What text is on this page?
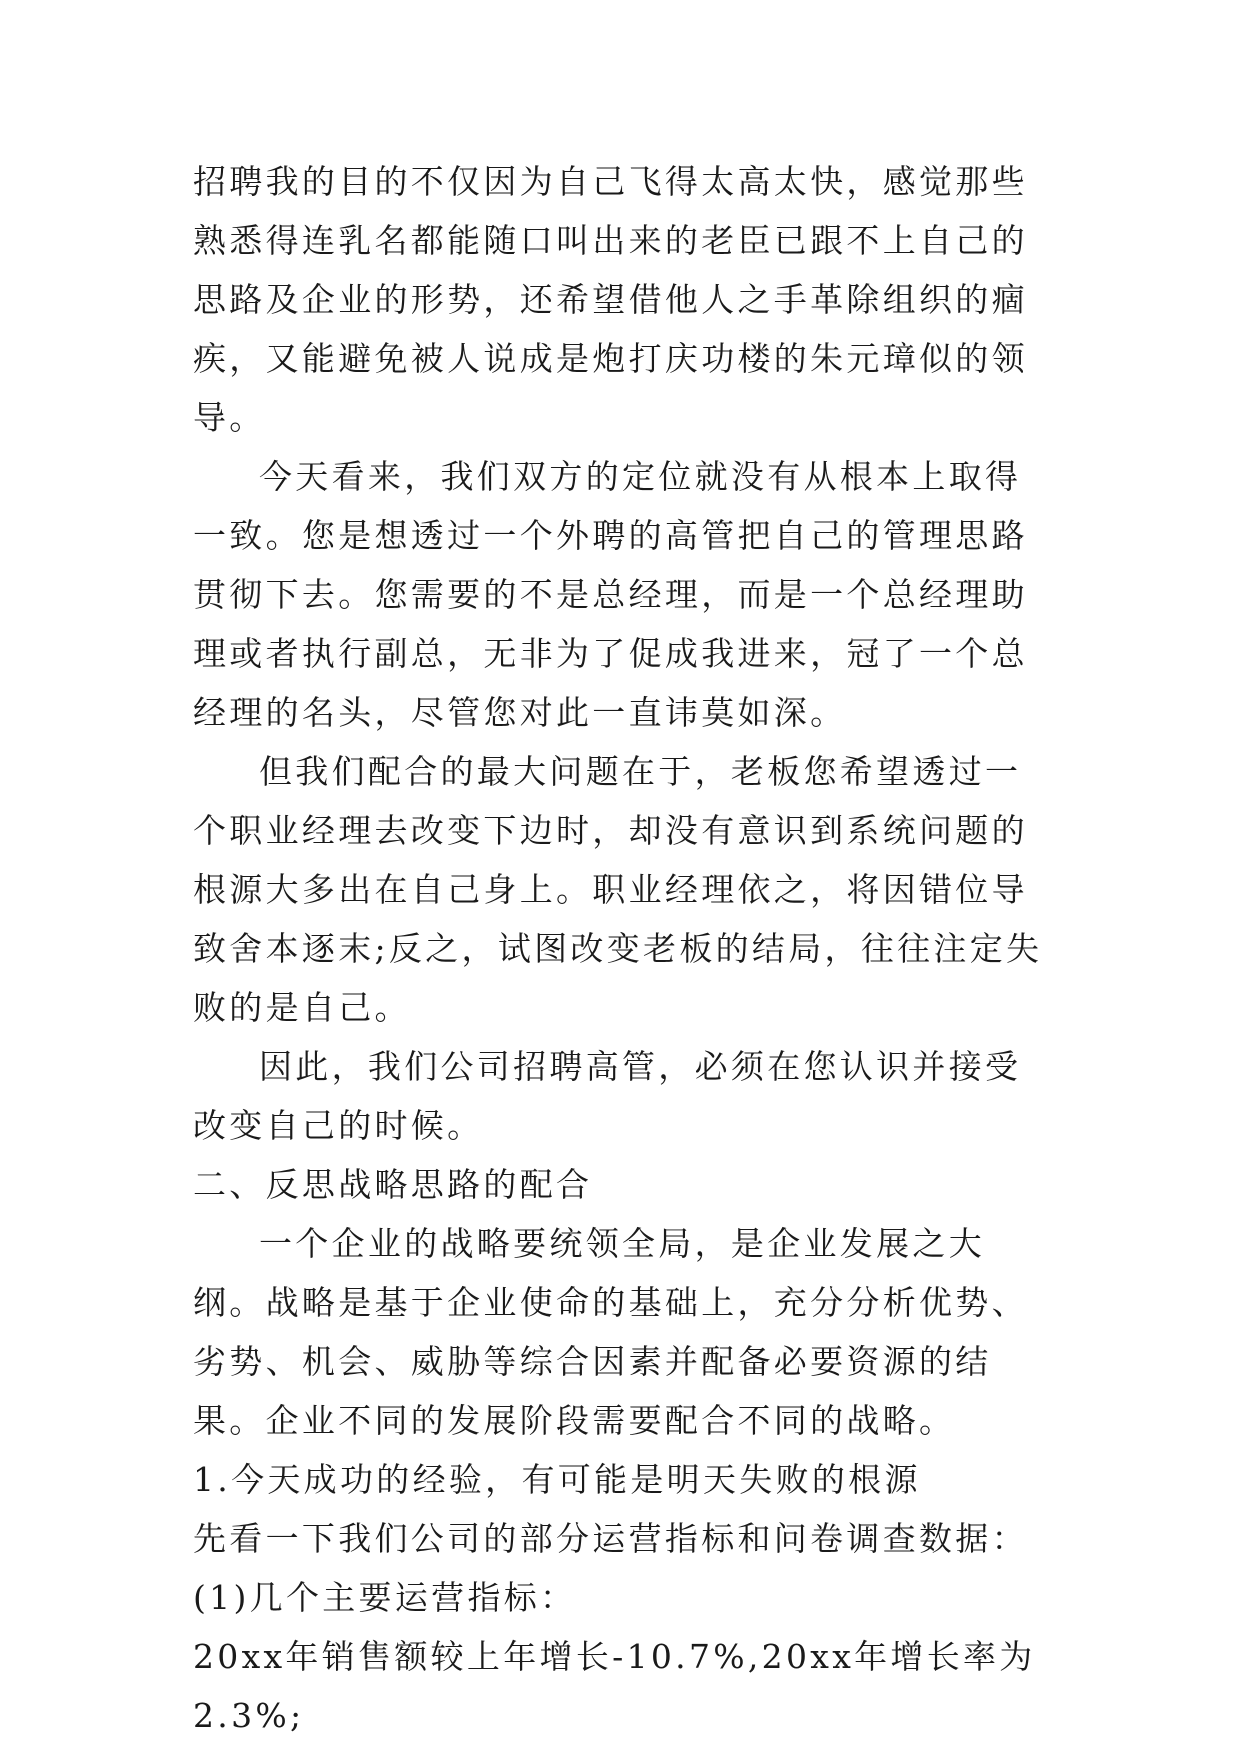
招聘我的目的不仅因为自己飞得太高太快，感觉那些熟悉得连乳名都能随口叫出来的老臣已跟不上自己的思路及企业的形势，还希望借他人之手革除组织的痼疾，又能避免被人说成是炮打庆功楼的朱元璋似的领导。

今天看来，我们双方的定位就没有从根本上取得一致。您是想透过一个外聘的高管把自己的管理思路贯彻下去。您需要的不是总经理，而是一个总经理助理或者执行副总，无非为了促成我进来，冠了一个总经理的名头，尽管您对此一直讳莫如深。

但我们配合的最大问题在于，老板您希望透过一个职业经理去改变下边时，却没有意识到系统问题的根源大多出在自己身上。职业经理依之，将因错位导致舍本逐末;反之，试图改变老板的结局，往往注定失败的是自己。

因此，我们公司招聘高管，必须在您认识并接受改变自己的时候。

二、反思战略思路的配合

一个企业的战略要统领全局，是企业发展之大纲。战略是基于企业使命的基础上，充分分析优势、劣势、机会、威胁等综合因素并配备必要资源的结果。企业不同的发展阶段需要配合不同的战略。

1.今天成功的经验，有可能是明天失败的根源

先看一下我们公司的部分运营指标和问卷调查数据：

(1)几个主要运营指标：

20xx年销售额较上年增长-10.7%,20xx年增长率为2.3%;
